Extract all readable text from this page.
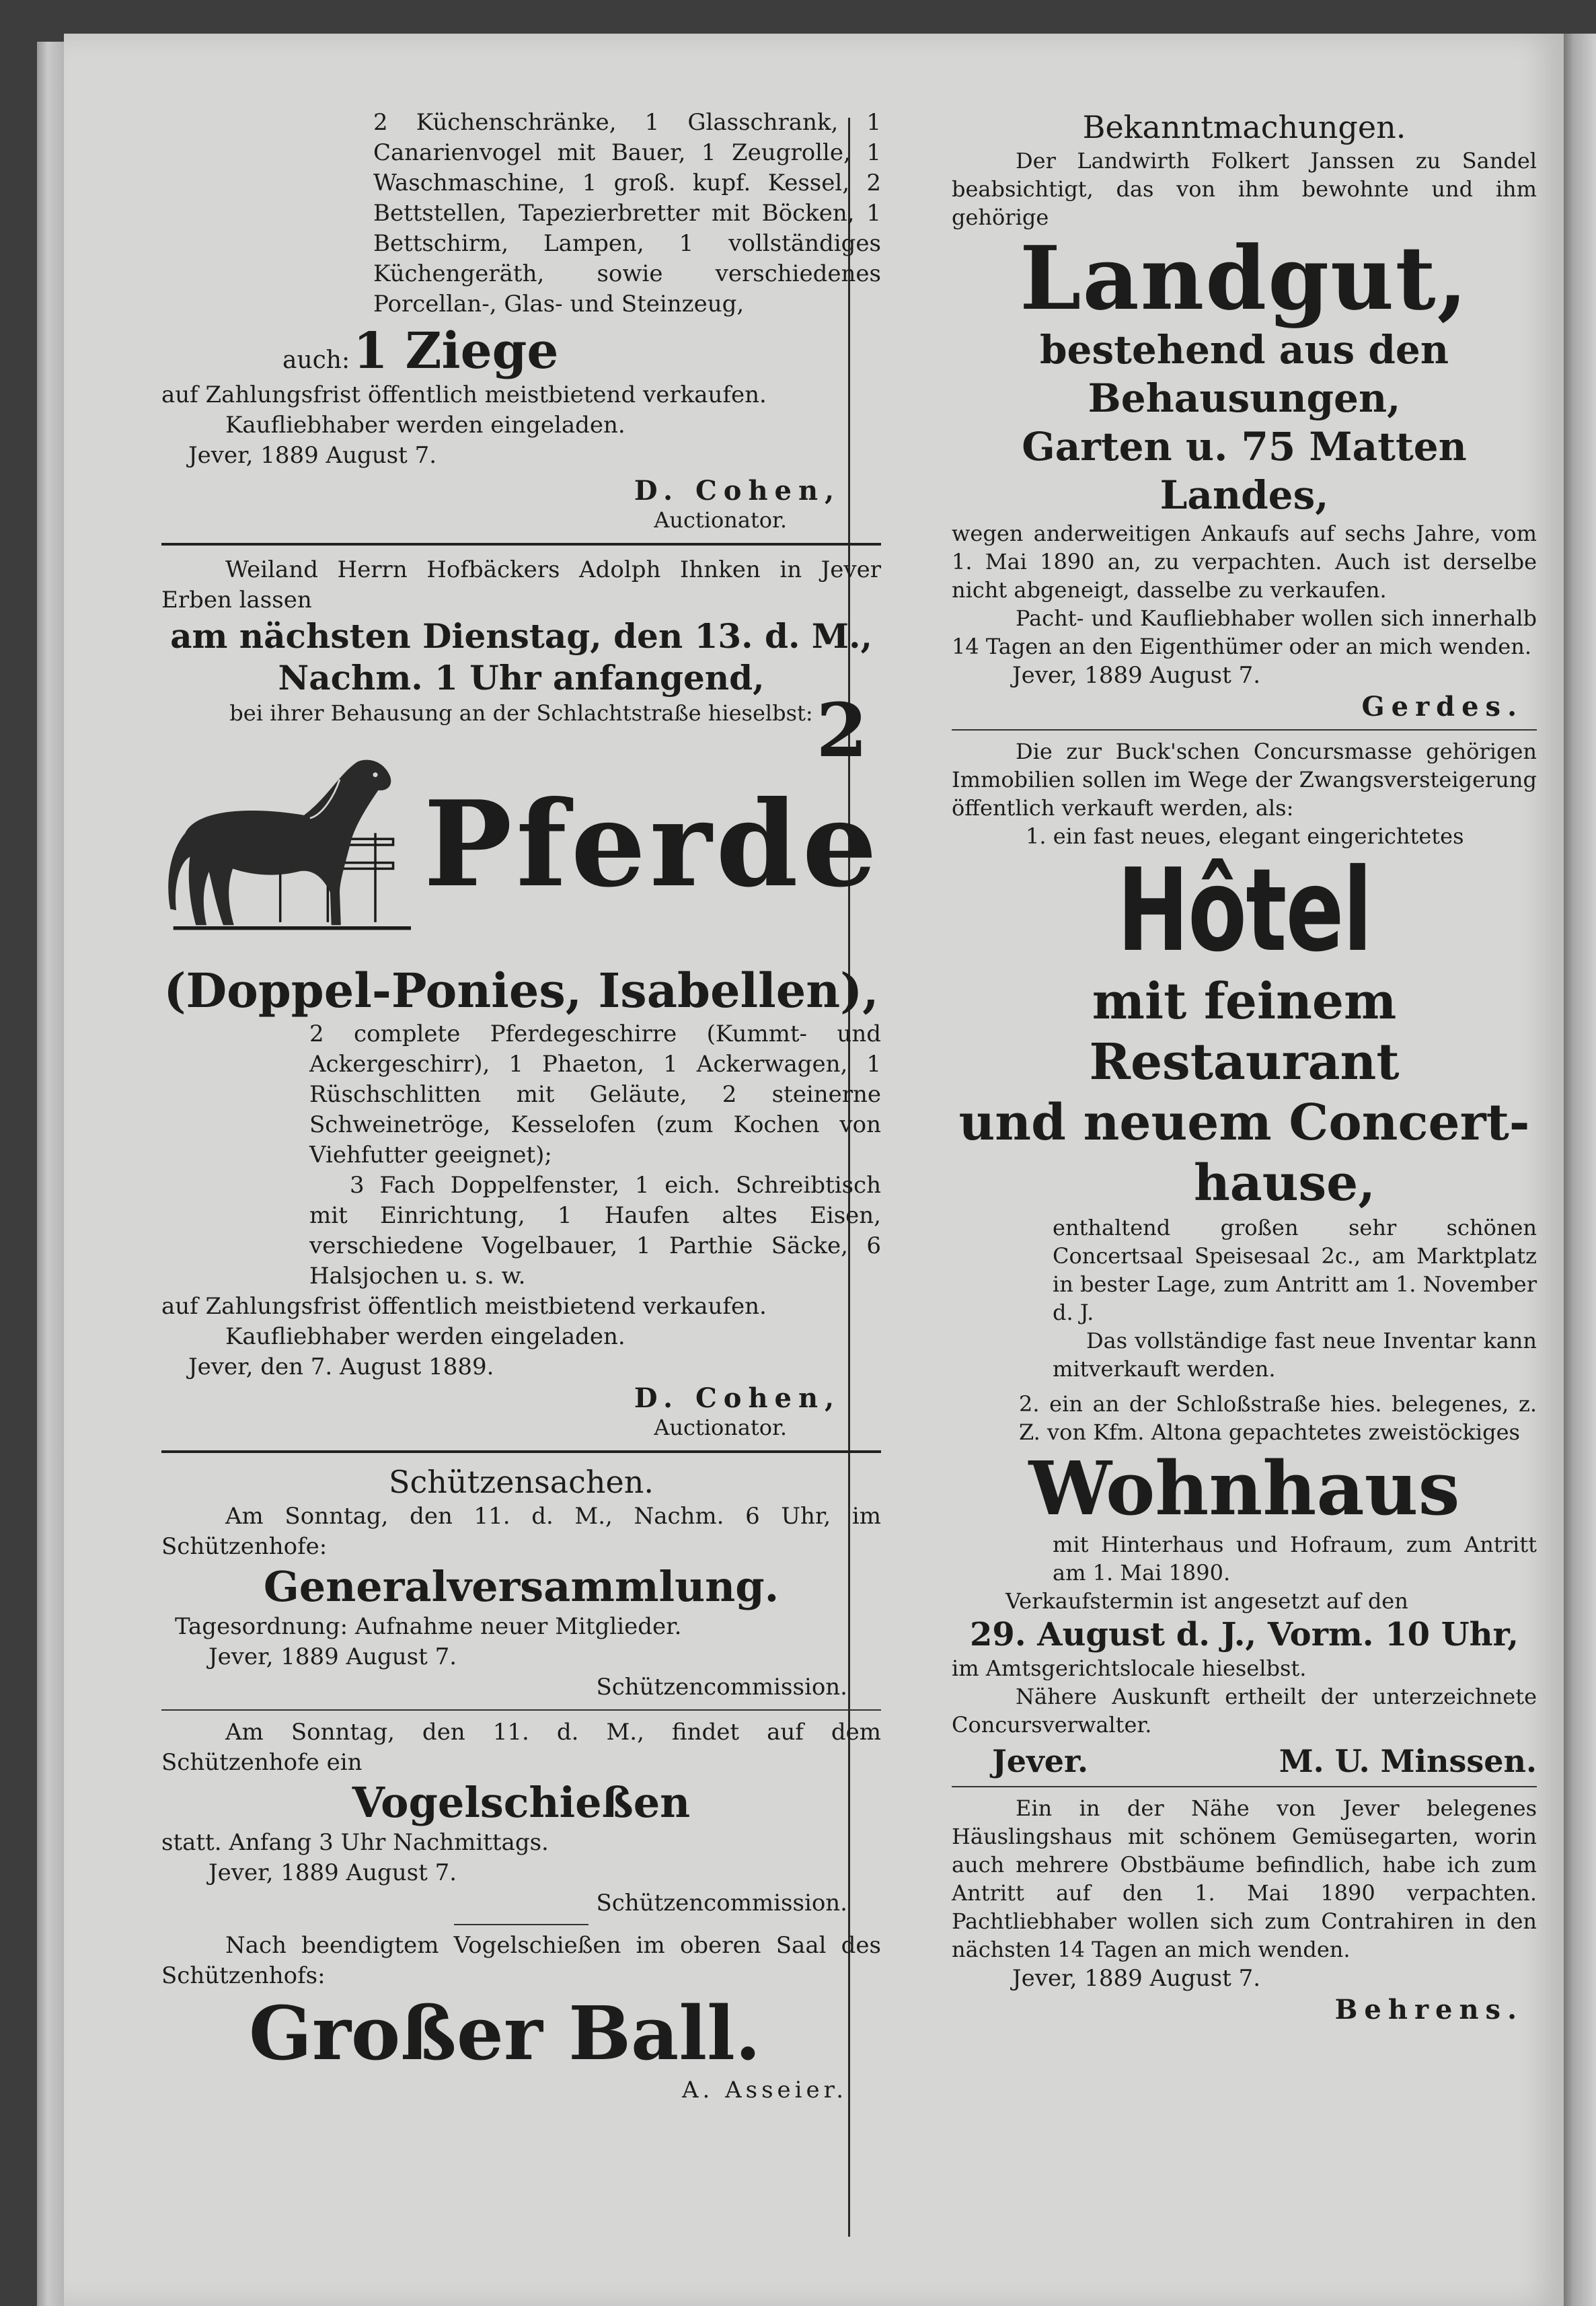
2 Küchenschränke, 1 Glasschrank, 1 Canarienvogel mit Bauer, 1 Zeugrolle, 1 Waschmaschine, 1 groß. kupf. Kessel, 2 Bettstellen, Tapezierbretter mit Böcken, 1 Bettschirm, Lampen, 1 vollständiges Küchengeräth, sowie verschiedenes Porcellan-, Glas- und Steinzeug,

auch: 1 Ziege

auf Zahlungsfrist öffentlich meistbietend verkaufen.

Kaufliebhaber werden eingeladen.

Jever, 1889 August 7.

D. Cohen,
Auctionator.

Weiland Herrn Hofbäckers Adolph Ihnken in Jever Erben lassen

am nächsten Dienstag, den 13. d. M.,
Nachm. 1 Uhr anfangend,
bei ihrer Behausung an der Schlachtstraße hieselbst: 2
Pferde
(Doppel-Ponies, Isabellen),

2 complete Pferdegeschirre (Kummt- und Ackergeschirr), 1 Phaeton, 1 Ackerwagen, 1 Rüschschlitten mit Geläute, 2 steinerne Schweinetröge, Kesselofen (zum Kochen von Viehfutter geeignet);

3 Fach Doppelfenster, 1 eich. Schreibtisch mit Einrichtung, 1 Haufen altes Eisen, verschiedene Vogelbauer, 1 Parthie Säcke, 6 Halsjochen u. s. w.

auf Zahlungsfrist öffentlich meistbietend verkaufen.

Kaufliebhaber werden eingeladen.

Jever, den 7. August 1889.

D. Cohen,
Auctionator.
Schützensachen.

Am Sonntag, den 11. d. M., Nachm. 6 Uhr, im Schützenhofe:

Generalversammlung.

Tagesordnung: Aufnahme neuer Mitglieder.

Jever, 1889 August 7.

Schützencommission.

Am Sonntag, den 11. d. M., findet auf dem Schützenhofe ein

Vogelschießen

statt. Anfang 3 Uhr Nachmittags.

Jever, 1889 August 7.

Schützencommission.

Nach beendigtem Vogelschießen im oberen Saal des Schützenhofs:

Großer Ball.
A. Asseier.
Bekanntmachungen.

Der Landwirth Folkert Janssen zu Sandel beabsichtigt, das von ihm bewohnte und ihm gehörige

Landgut,
bestehend aus den Behausungen,
Garten u. 75 Matten Landes,

wegen anderweitigen Ankaufs auf sechs Jahre, vom 1. Mai 1890 an, zu verpachten. Auch ist derselbe nicht abgeneigt, dasselbe zu verkaufen.

Pacht- und Kaufliebhaber wollen sich innerhalb 14 Tagen an den Eigenthümer oder an mich wenden.

Jever, 1889 August 7.

Gerdes.

Die zur Buck'schen Concursmasse gehörigen Immobilien sollen im Wege der Zwangsversteigerung öffentlich verkauft werden, als:

1. ein fast neues, elegant eingerichtetes

Hôtel
mit feinem Restaurant
und neuem Concert-
hause,

enthaltend großen sehr schönen Concertsaal Speisesaal 2c., am Marktplatz in bester Lage, zum Antritt am 1. November d. J.

Das vollständige fast neue Inventar kann mitverkauft werden.

2. ein an der Schloßstraße hies. belegenes, z. Z. von Kfm. Altona gepachtetes zweistöckiges

Wohnhaus

mit Hinterhaus und Hofraum, zum Antritt am 1. Mai 1890.

Verkaufstermin ist angesetzt auf den

29. August d. J., Vorm. 10 Uhr,

im Amtsgerichtslocale hieselbst.

Nähere Auskunft ertheilt der unterzeichnete Concursverwalter.

Jever.	M. U. Minssen.

Ein in der Nähe von Jever belegenes Häuslingshaus mit schönem Gemüsegarten, worin auch mehrere Obstbäume befindlich, habe ich zum Antritt auf den 1. Mai 1890 verpachten. Pachtliebhaber wollen sich zum Contrahiren in den nächsten 14 Tagen an mich wenden.

Jever, 1889 August 7.

Behrens.
